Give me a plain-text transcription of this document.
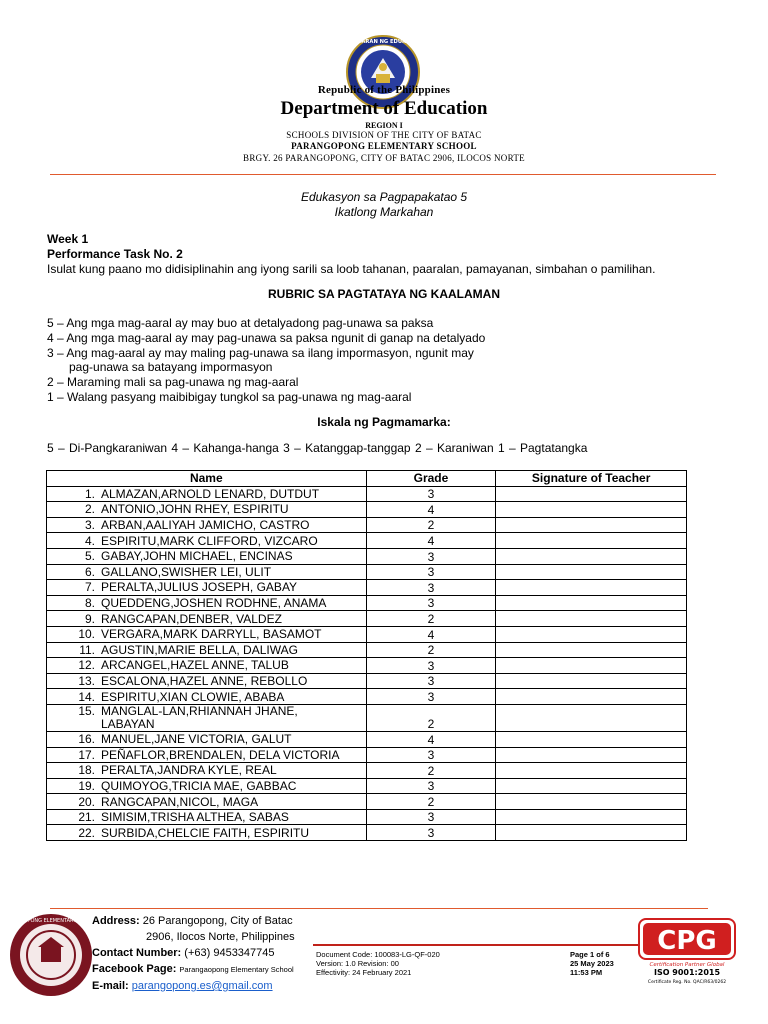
KAGAWARAN NG EDUKASYON
Republic of the Philippines
Department of Education
REGION I
SCHOOLS DIVISION OF THE CITY OF BATAC
PARANGOPONG ELEMENTARY SCHOOL
BRGY. 26 PARANGOPONG, CITY OF BATAC 2906, ILOCOS NORTE
Edukasyon sa Pagpapakatao 5
Ikatlong Markahan
Week 1
Performance Task No. 2
Isulat kung paano mo didisiplinahin ang iyong sarili sa loob tahanan, paaralan, pamayanan, simbahan o pamilihan.
RUBRIC SA PAGTATAYA NG KAALAMAN
5 – Ang mga mag-aaral ay may buo at detalyadong pag-unawa sa paksa
4 – Ang mga mag-aaral ay may pag-unawa sa paksa ngunit di ganap na detalyado
3 – Ang mag-aaral ay may maling pag-unawa sa ilang impormasyon, ngunit may
pag-unawa sa batayang impormasyon
2 – Maraming mali sa pag-unawa ng mag-aaral
1 – Walang pasyang maibibigay tungkol sa pag-unawa ng mag-aaral
Iskala ng Pagmamarka:
5 – Di-Pangkaraniwan 4 – Kahanga-hanga 3 – Katanggap-tanggap 2 – Karaniwan 1 – Pagtatangka
Name	Grade	Signature of Teacher
1. ALMAZAN,ARNOLD LENARD, DUTDUT	3	
2. ANTONIO,JOHN RHEY, ESPIRITU	4	
3. ARBAN,AALIYAH JAMICHO, CASTRO	2	
4. ESPIRITU,MARK CLIFFORD, VIZCARO	4	
5. GABAY,JOHN MICHAEL, ENCINAS	3	
6. GALLANO,SWISHER LEI, ULIT	3	
7. PERALTA,JULIUS JOSEPH, GABAY	3	
8. QUEDDENG,JOSHEN RODHNE, ANAMA	3	
9. RANGCAPAN,DENBER, VALDEZ	2	
10. VERGARA,MARK DARRYLL, BASAMOT	4	
11. AGUSTIN,MARIE BELLA, DALIWAG	2	
12. ARCANGEL,HAZEL ANNE, TALUB	3	
13. ESCALONA,HAZEL ANNE, REBOLLO	3	
14. ESPIRITU,XIAN CLOWIE, ABABA	3	
15. MANGLAL-LAN,RHIANNAH JHANE,
LABAYAN	2	
16. MANUEL,JANE VICTORIA, GALUT	4	
17. PEÑAFLOR,BRENDALEN, DELA VICTORIA	3	
18. PERALTA,JANDRA KYLE, REAL	2	
19. QUIMOYOG,TRICIA MAE, GABBAC	3	
20. RANGCAPAN,NICOL, MAGA	2	
21. SIMISIM,TRISHA ALTHEA, SABAS	3	
22. SURBIDA,CHELCIE FAITH, ESPIRITU	3	
PARANGOPONG ELEMENTARY SCHOOL
Address: 26 Parangopong, City of Batac
2906, Ilocos Norte, Philippines
Contact Number: (+63) 9453347745
Facebook Page: Parangaopong Elementary School
E-mail: parangopong.es@gmail.com
Document Code: 100083-LG-QF-020
Version: 1.0 Revision: 00
Effectivity: 24 February 2021
Page 1 of 6
25 May 2023
11:53 PM
CPG
Certification Partner Global
ISO 9001:2015
Certificate Reg. No. QAC/R63/0262
